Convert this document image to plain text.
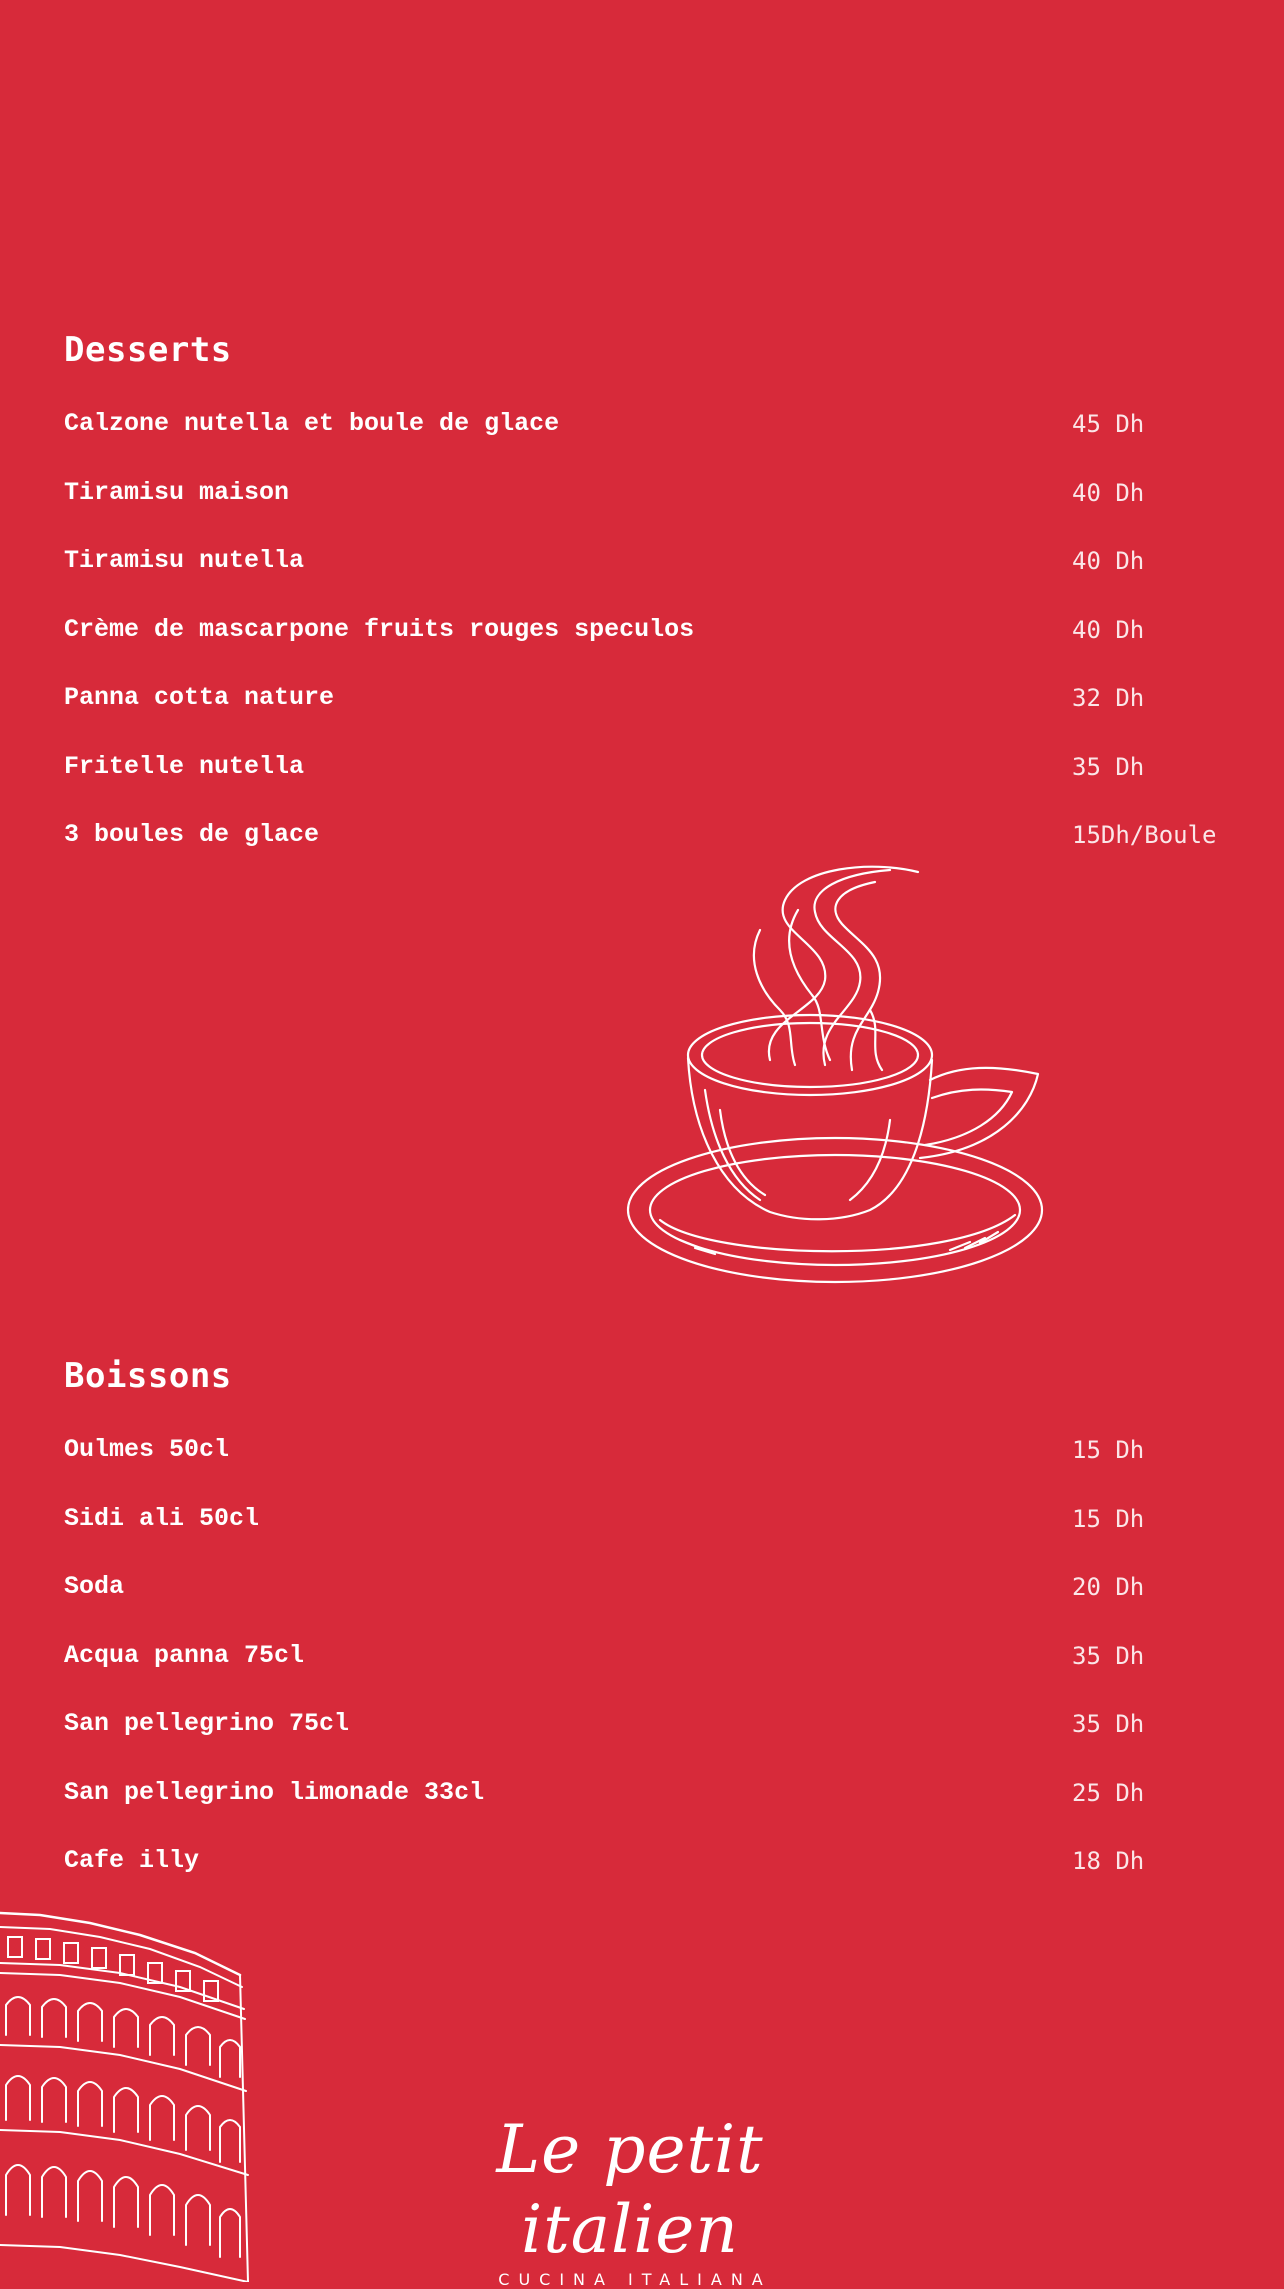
Desserts
Calzone nutella et boule de glace	45 Dh
Tiramisu maison	40 Dh
Tiramisu nutella	40 Dh
Crème de mascarpone fruits rouges speculos	40 Dh
Panna cotta nature	32 Dh
Fritelle nutella	35 Dh
3 boules de glace	15Dh/Boule
Boissons
Oulmes 50cl	15 Dh
Sidi ali 50cl	15 Dh
Soda	20 Dh
Acqua panna 75cl	35 Dh
San pellegrino 75cl	35 Dh
San pellegrino limonade 33cl	25 Dh
Cafe illy	18 Dh
Le petit italien
CUCINA ITALIANA
